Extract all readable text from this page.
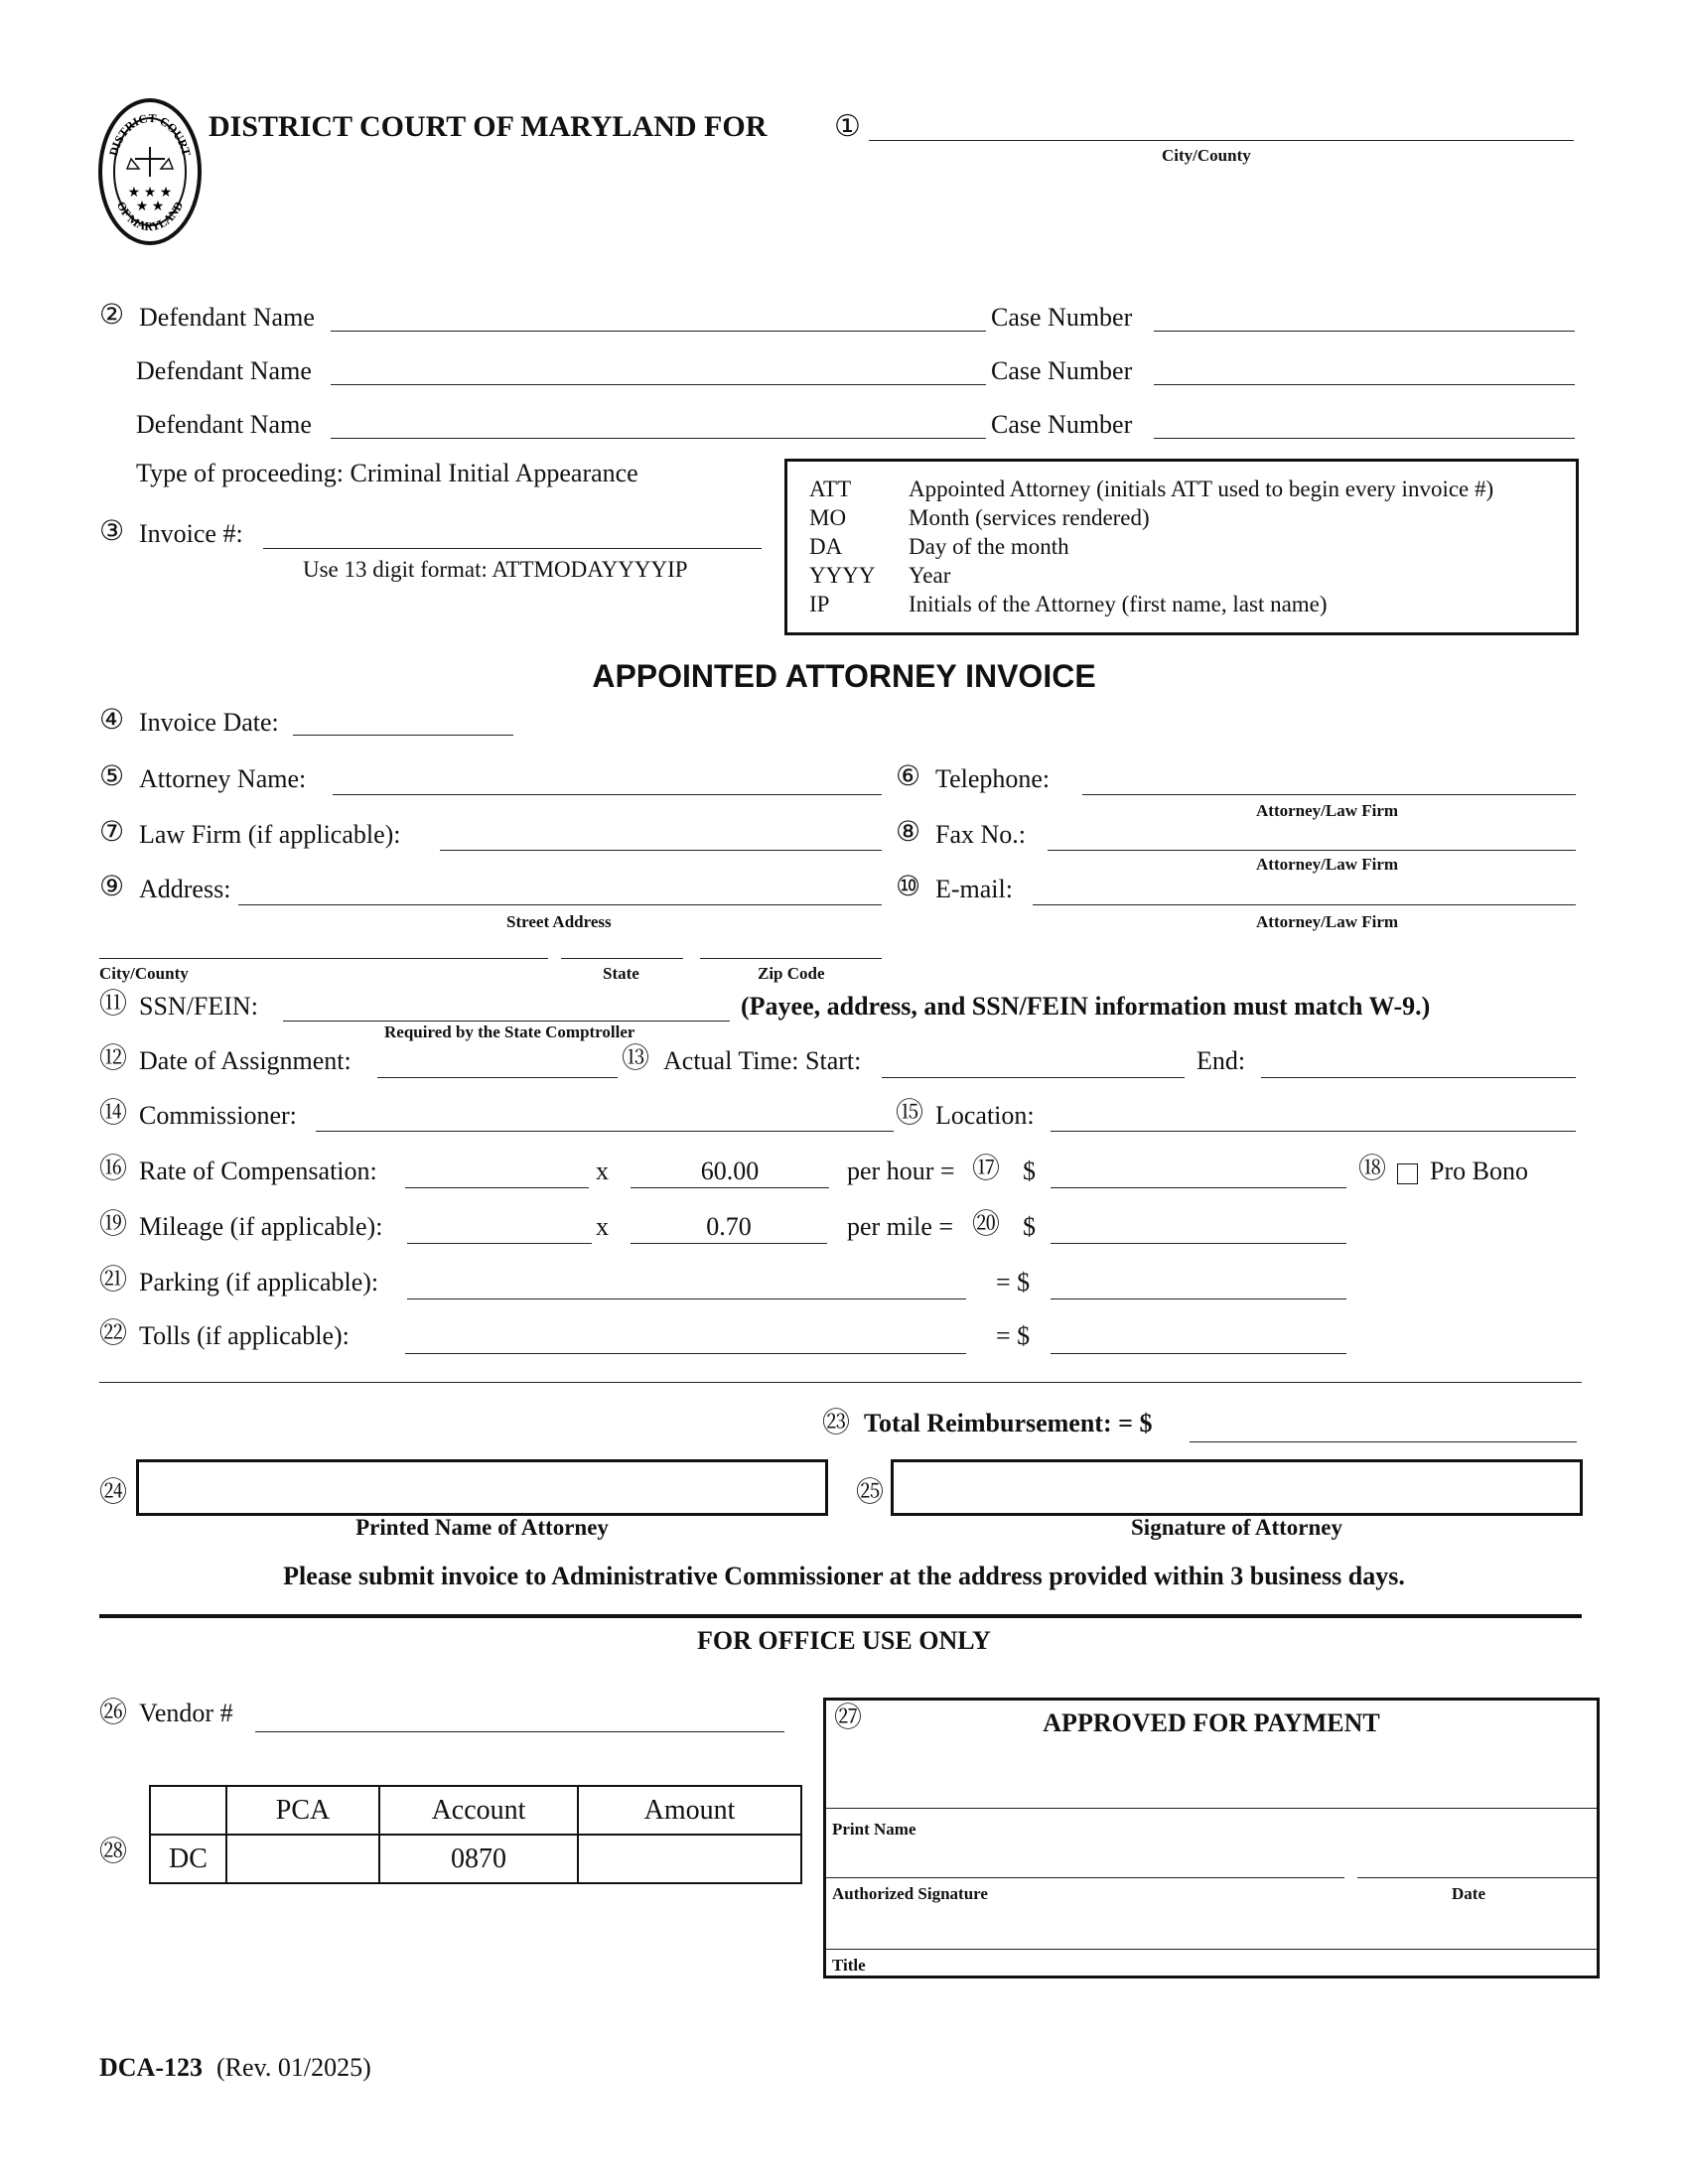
DISTRICT COURT
OF MARYLAND
★ ★ ★
★ ★
DISTRICT COURT OF MARYLAND FOR ①
City/County
② Defendant Name	Case Number
Defendant Name	Case Number
Defendant Name	Case Number
Type of proceeding: Criminal Initial Appearance
③ Invoice #:
Use 13 digit format: ATTMODAYYYYIP
ATT	Appointed Attorney (initials ATT used to begin every invoice #)
MO	Month (services rendered)
DA	Day of the month
YYYY Year
IP	Initials of the Attorney (first name, last name)
APPOINTED ATTORNEY INVOICE
④ Invoice Date:
⑤ Attorney Name:	⑥ Telephone:
Attorney/Law Firm
⑦ Law Firm (if applicable):	⑧ Fax No.:
Attorney/Law Firm
⑨ Address:
Street Address
⑩ E-mail:
Attorney/Law Firm
City/County	State	Zip Code
⑪ SSN/FEIN:
Required by the State Comptroller
(Payee, address, and SSN/FEIN information must match W-9.)
⑫ Date of Assignment:	⑬ Actual Time: Start:	End:
⑭ Commissioner:	⑮ Location:
⑯ Rate of Compensation:	x	60.00	per hour = ⑰ $	⑱ Pro Bono
⑲ Mileage (if applicable):	x	0.70	per mile = ⑳ $
㉑ Parking (if applicable):	= $
㉒ Tolls (if applicable):	= $
㉓ Total Reimbursement: = $
㉔
Printed Name of Attorney
㉕
Signature of Attorney
Please submit invoice to Administrative Commissioner at the address provided within 3 business days.
FOR OFFICE USE ONLY
㉖ Vendor #
㉘
	PCA	Account	Amount
DC		0870	
㉗	APPROVED FOR PAYMENT
Print Name
Authorized Signature	Date
Title
DCA-123 (Rev. 01/2025)
